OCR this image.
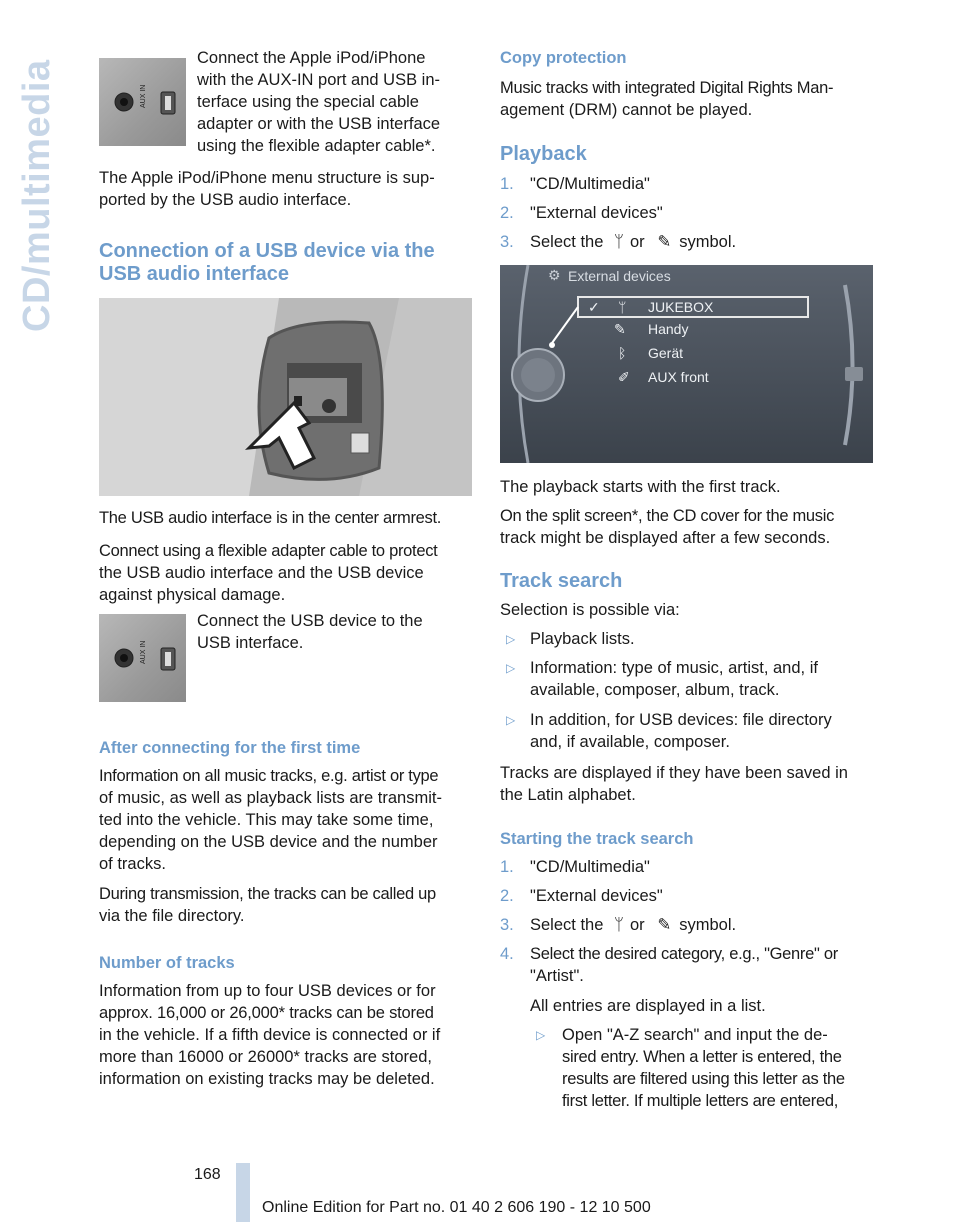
CD/multimedia	AUX IN

Connect the Apple iPod/iPhone

with the AUX-IN port and USB in-

terface using the special cable

adapter or with the USB interface

using the flexible adapter cable*.

The Apple iPod/iPhone menu structure is sup-

ported by the USB audio interface.

Connection of a USB device via the
USB audio interface

The USB audio interface is in the center armrest.

Connect using a flexible adapter cable to protect

the USB audio interface and the USB device

against physical damage.

AUX IN

Connect the USB device to the

USB interface.

After connecting for the first time

Information on all music tracks, e.g. artist or type

of music, as well as playback lists are transmit-

ted into the vehicle. This may take some time,

depending on the USB device and the number

of tracks.

During transmission, the tracks can be called up

via the file directory.

Number of tracks

Information from up to four USB devices or for

approx. 16,000 or 26,000* tracks can be stored

in the vehicle. If a fifth device is connected or if

more than 16000 or 26000* tracks are stored,

information on existing tracks may be deleted.

Copy protection

Music tracks with integrated Digital Rights Man-

agement (DRM) cannot be played.

Playback
1. "CD/Multimedia"
2. "External devices"
3. Select the ᛘ or ✎ symbol.
External devices
JUKEBOX
Handy
Gerät
AUX front
✓ ᛘ
✎
ᛒ
✐
⚙

The playback starts with the first track.

On the split screen*, the CD cover for the music

track might be displayed after a few seconds.

Track search

Selection is possible via:

▷ Playback lists.

▷ Information: type of music, artist, and, if

available, composer, album, track.

▷ In addition, for USB devices: file directory

and, if available, composer.

Tracks are displayed if they have been saved in

the Latin alphabet.

Starting the track search
1. "CD/Multimedia"
2. "External devices"
3. Select the ᛘ or ✎ symbol.
4. Select the desired category, e.g., "Genre" or

"Artist".

All entries are displayed in a list.

▷ Open "A-Z search" and input the de-

sired entry. When a letter is entered, the

results are filtered using this letter as the

first letter. If multiple letters are entered,

168
Online Edition for Part no. 01 40 2 606 190 - 12 10 500
